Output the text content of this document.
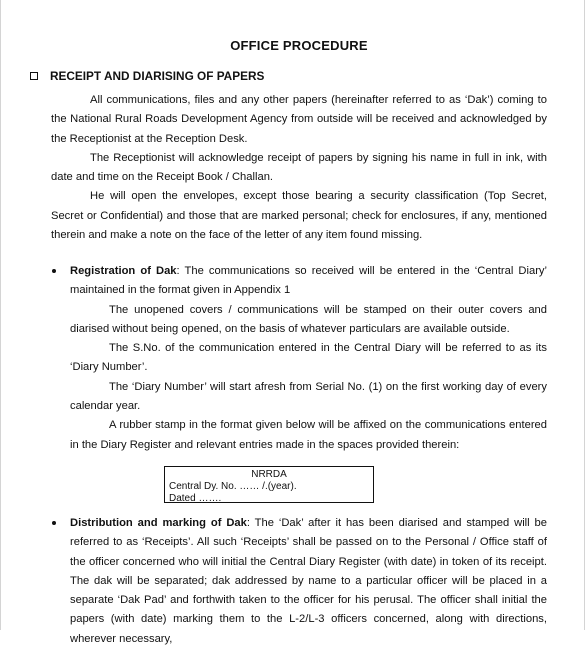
OFFICE PROCEDURE
RECEIPT AND DIARISING OF PAPERS

All communications, files and any other papers (hereinafter referred to as ‘Dak’) coming to the National Rural Roads Development Agency from outside will be received and acknowledged by the Receptionist at the Reception Desk.

The Receptionist will acknowledge receipt of papers by signing his name in full in ink, with date and time on the Receipt Book / Challan.

He will open the envelopes, except those bearing a security classification (Top Secret, Secret or Confidential) and those that are marked personal; check for enclosures, if any, mentioned therein and make a note on the face of the letter of any item found missing.

Registration of Dak: The communications so received will be entered in the ‘Central Diary’ maintained in the format given in Appendix 1

The unopened covers / communications will be stamped on their outer covers and diarised without being opened, on the basis of whatever particulars are available outside.

The S.No. of the communication entered in the Central Diary will be referred to as its ‘Diary Number’.

The ‘Diary Number’ will start afresh from Serial No. (1) on the first working day of every calendar year.

A rubber stamp in the format given below will be affixed on the communications entered in the Diary Register and relevant entries made in the spaces provided therein:

NRRDA
Central Dy. No. …… /.(year).
Dated …….

Distribution and marking of Dak: The ‘Dak’ after it has been diarised and stamped will be referred to as ‘Receipts’. All such ‘Receipts’ shall be passed on to the Personal / Office staff of the officer concerned who will initial the Central Diary Register (with date) in token of its receipt. The dak will be separated; dak addressed by name to a particular officer will be placed in a separate ‘Dak Pad’ and forthwith taken to the officer for his perusal. The officer shall initial the papers (with date) marking them to the L-2/L-3 officers concerned, along with directions, wherever necessary,
